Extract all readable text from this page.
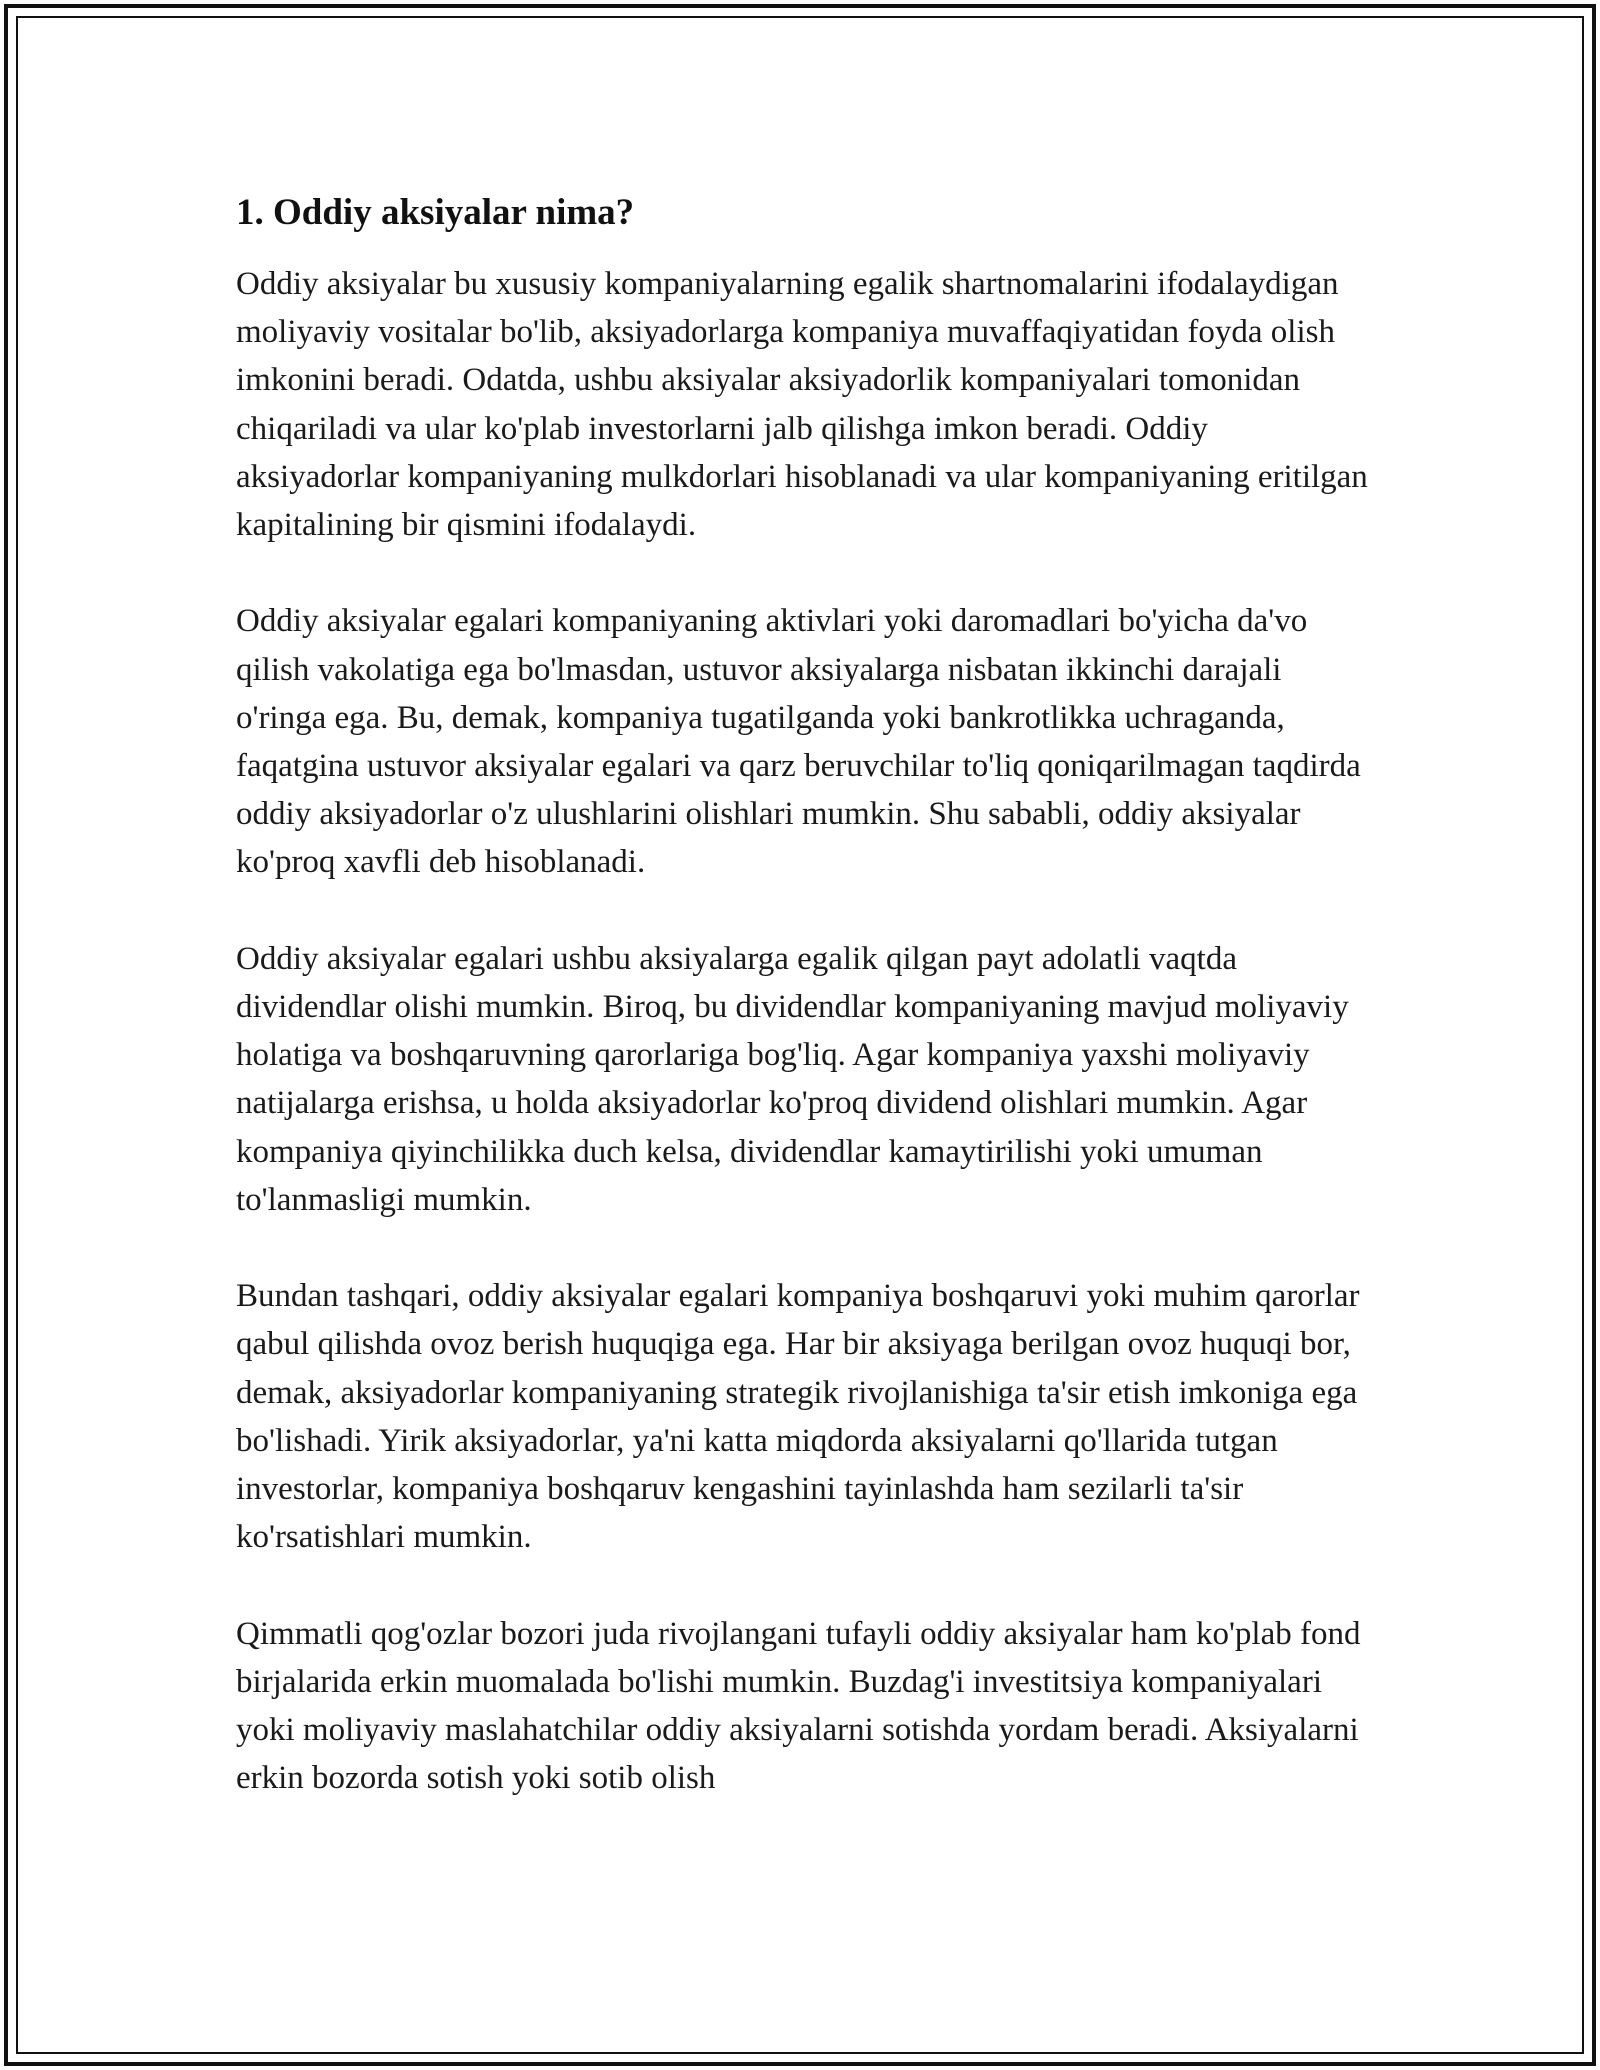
1. Oddiy aksiyalar nima?

Oddiy aksiyalar bu xususiy kompaniyalarning egalik shartnomalarini ifodalaydigan moliyaviy vositalar bo'lib, aksiyadorlarga kompaniya muvaffaqiyatidan foyda olish imkonini beradi. Odatda, ushbu aksiyalar aksiyadorlik kompaniyalari tomonidan chiqariladi va ular ko'plab investorlarni jalb qilishga imkon beradi. Oddiy aksiyadorlar kompaniyaning mulkdorlari hisoblanadi va ular kompaniyaning eritilgan kapitalining bir qismini ifodalaydi.

Oddiy aksiyalar egalari kompaniyaning aktivlari yoki daromadlari bo'yicha da'vo qilish vakolatiga ega bo'lmasdan, ustuvor aksiyalarga nisbatan ikkinchi darajali o'ringa ega. Bu, demak, kompaniya tugatilganda yoki bankrotlikka uchraganda, faqatgina ustuvor aksiyalar egalari va qarz beruvchilar to'liq qoniqarilmagan taqdirda oddiy aksiyadorlar o'z ulushlarini olishlari mumkin. Shu sababli, oddiy aksiyalar ko'proq xavfli deb hisoblanadi.

Oddiy aksiyalar egalari ushbu aksiyalarga egalik qilgan payt adolatli vaqtda dividendlar olishi mumkin. Biroq, bu dividendlar kompaniyaning mavjud moliyaviy holatiga va boshqaruvning qarorlariga bog'liq. Agar kompaniya yaxshi moliyaviy natijalarga erishsa, u holda aksiyadorlar ko'proq dividend olishlari mumkin. Agar kompaniya qiyinchilikka duch kelsa, dividendlar kamaytirilishi yoki umuman to'lanmasligi mumkin.

Bundan tashqari, oddiy aksiyalar egalari kompaniya boshqaruvi yoki muhim qarorlar qabul qilishda ovoz berish huquqiga ega. Har bir aksiyaga berilgan ovoz huquqi bor, demak, aksiyadorlar kompaniyaning strategik rivojlanishiga ta'sir etish imkoniga ega bo'lishadi. Yirik aksiyadorlar, ya'ni katta miqdorda aksiyalarni qo'llarida tutgan investorlar, kompaniya boshqaruv kengashini tayinlashda ham sezilarli ta'sir ko'rsatishlari mumkin.

Qimmatli qog'ozlar bozori juda rivojlangani tufayli oddiy aksiyalar ham ko'plab fond birjalarida erkin muomalada bo'lishi mumkin. Buzdag'i investitsiya kompaniyalari yoki moliyaviy maslahatchilar oddiy aksiyalarni sotishda yordam beradi. Aksiyalarni erkin bozorda sotish yoki sotib olish
